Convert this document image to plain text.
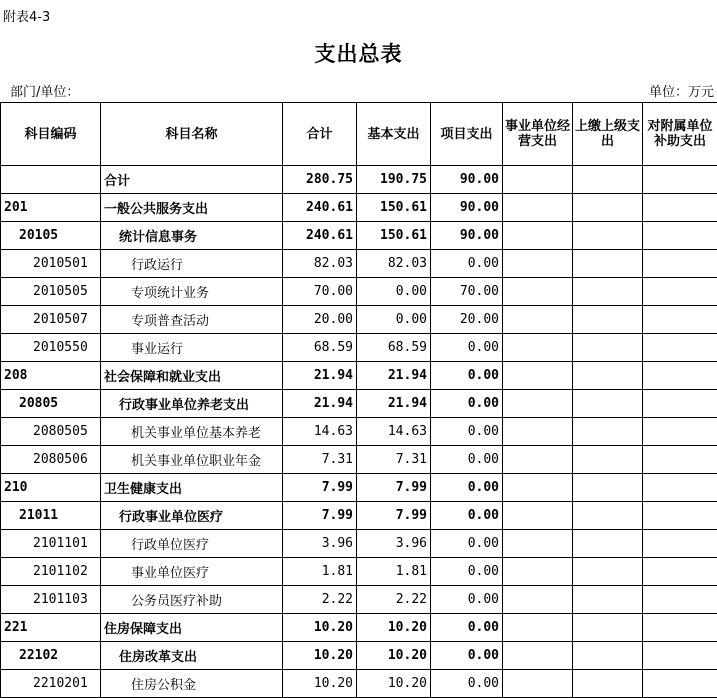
附表4-3
支出总表
部门/单位：	单位：万元
科目编码	科目名称	合计	基本支出	项目支出	事业单位经营支出	上缴上级支出	对附属单位补助支出
	合计	280.75	190.75	90.00			
201	一般公共服务支出	240.61	150.61	90.00			
20105	统计信息事务	240.61	150.61	90.00			
2010501	行政运行	82.03	82.03	0.00			
2010505	专项统计业务	70.00	0.00	70.00			
2010507	专项普查活动	20.00	0.00	20.00			
2010550	事业运行	68.59	68.59	0.00			
208	社会保障和就业支出	21.94	21.94	0.00			
20805	行政事业单位养老支出	21.94	21.94	0.00			
2080505	机关事业单位基本养老	14.63	14.63	0.00			
2080506	机关事业单位职业年金	7.31	7.31	0.00			
210	卫生健康支出	7.99	7.99	0.00			
21011	行政事业单位医疗	7.99	7.99	0.00			
2101101	行政单位医疗	3.96	3.96	0.00			
2101102	事业单位医疗	1.81	1.81	0.00			
2101103	公务员医疗补助	2.22	2.22	0.00			
221	住房保障支出	10.20	10.20	0.00			
22102	住房改革支出	10.20	10.20	0.00			
2210201	住房公积金	10.20	10.20	0.00			
